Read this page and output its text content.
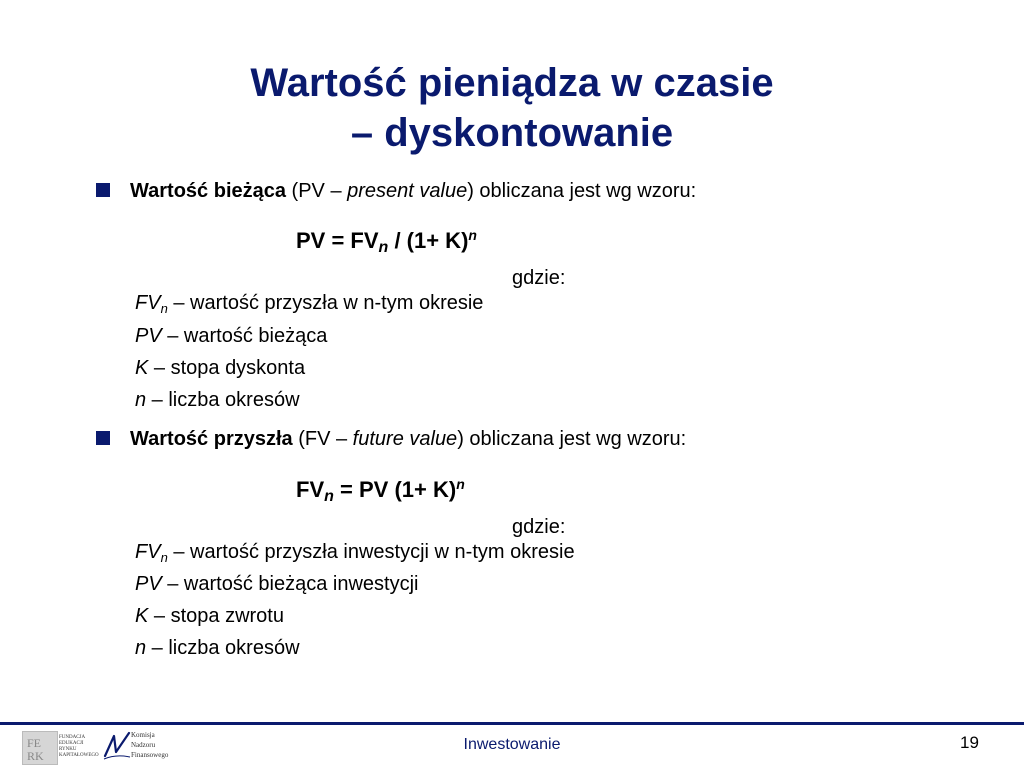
Wartość pieniądza w czasie
– dyskontowanie
Wartość bieżąca (PV – present value) obliczana jest wg wzoru:
PV = $FV_n / (1+ K)^n$
gdzie:
$FV_n$ – wartość przyszła w n-tym okresie
PV – wartość bieżąca
K – stopa dyskonta
n – liczba okresów
Wartość przyszła (FV – future value) obliczana jest wg wzoru:
$FV_n$ = PV $(1+ K)^n$
gdzie:
$FV_n$ – wartość przyszła inwestycji w n-tym okresie
PV – wartość bieżąca inwestycji
K – stopa zwrotu
n – liczba okresów
FE
RK
FUNDACJA EDUKACJI RYNKU KAPITAŁOWEGO
Komisja
Nadzoru
Finansowego
Inwestowanie	19
